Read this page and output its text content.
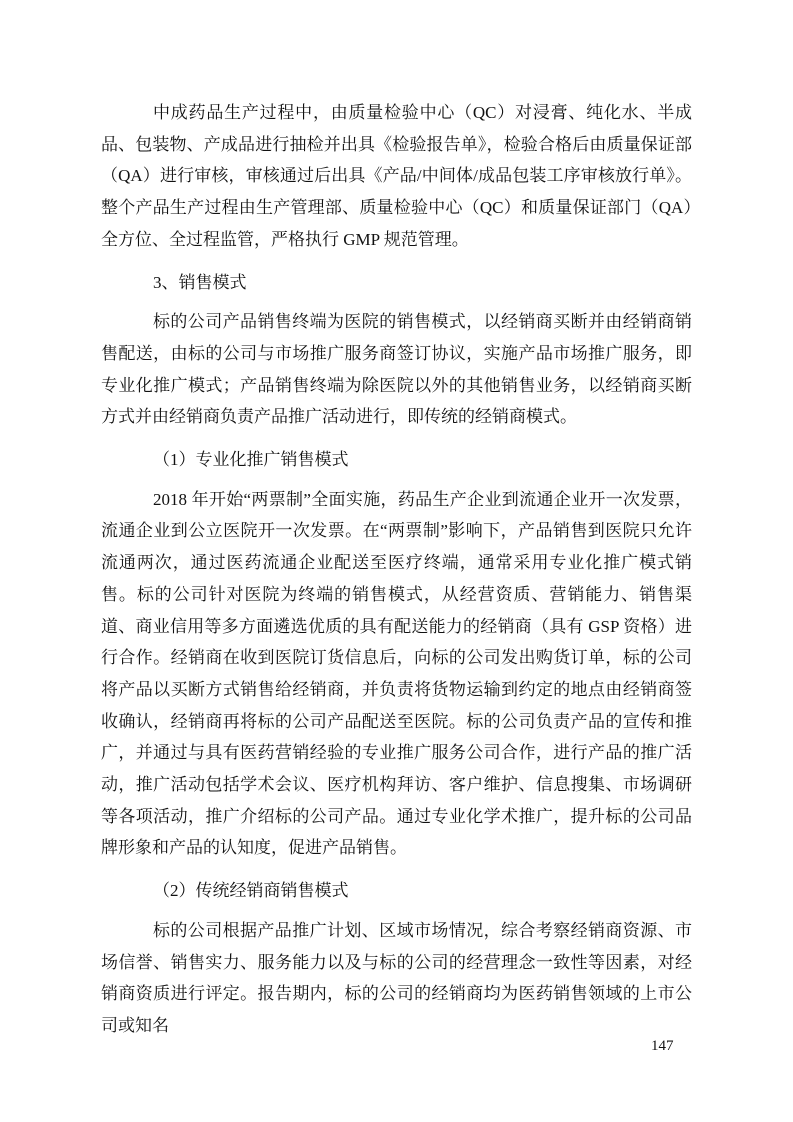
中成药品生产过程中，由质量检验中心（QC）对浸膏、纯化水、半成品、包装物、产成品进行抽检并出具《检验报告单》，检验合格后由质量保证部（QA）进行审核，审核通过后出具《产品/中间体/成品包装工序审核放行单》。整个产品生产过程由生产管理部、质量检验中心（QC）和质量保证部门（QA）全方位、全过程监管，严格执行 GMP 规范管理。

3、销售模式

标的公司产品销售终端为医院的销售模式，以经销商买断并由经销商销售配送，由标的公司与市场推广服务商签订协议，实施产品市场推广服务，即专业化推广模式；产品销售终端为除医院以外的其他销售业务，以经销商买断方式并由经销商负责产品推广活动进行，即传统的经销商模式。

（1）专业化推广销售模式

2018 年开始“两票制”全面实施，药品生产企业到流通企业开一次发票，流通企业到公立医院开一次发票。在“两票制”影响下，产品销售到医院只允许流通两次，通过医药流通企业配送至医疗终端，通常采用专业化推广模式销售。标的公司针对医院为终端的销售模式，从经营资质、营销能力、销售渠道、商业信用等多方面遴选优质的具有配送能力的经销商（具有 GSP 资格）进行合作。经销商在收到医院订货信息后，向标的公司发出购货订单，标的公司将产品以买断方式销售给经销商，并负责将货物运输到约定的地点由经销商签收确认，经销商再将标的公司产品配送至医院。标的公司负责产品的宣传和推广，并通过与具有医药营销经验的专业推广服务公司合作，进行产品的推广活动，推广活动包括学术会议、医疗机构拜访、客户维护、信息搜集、市场调研等各项活动，推广介绍标的公司产品。通过专业化学术推广，提升标的公司品牌形象和产品的认知度，促进产品销售。

（2）传统经销商销售模式

标的公司根据产品推广计划、区域市场情况，综合考察经销商资源、市场信誉、销售实力、服务能力以及与标的公司的经营理念一致性等因素，对经销商资质进行评定。报告期内，标的公司的经销商均为医药销售领域的上市公司或知名

147
